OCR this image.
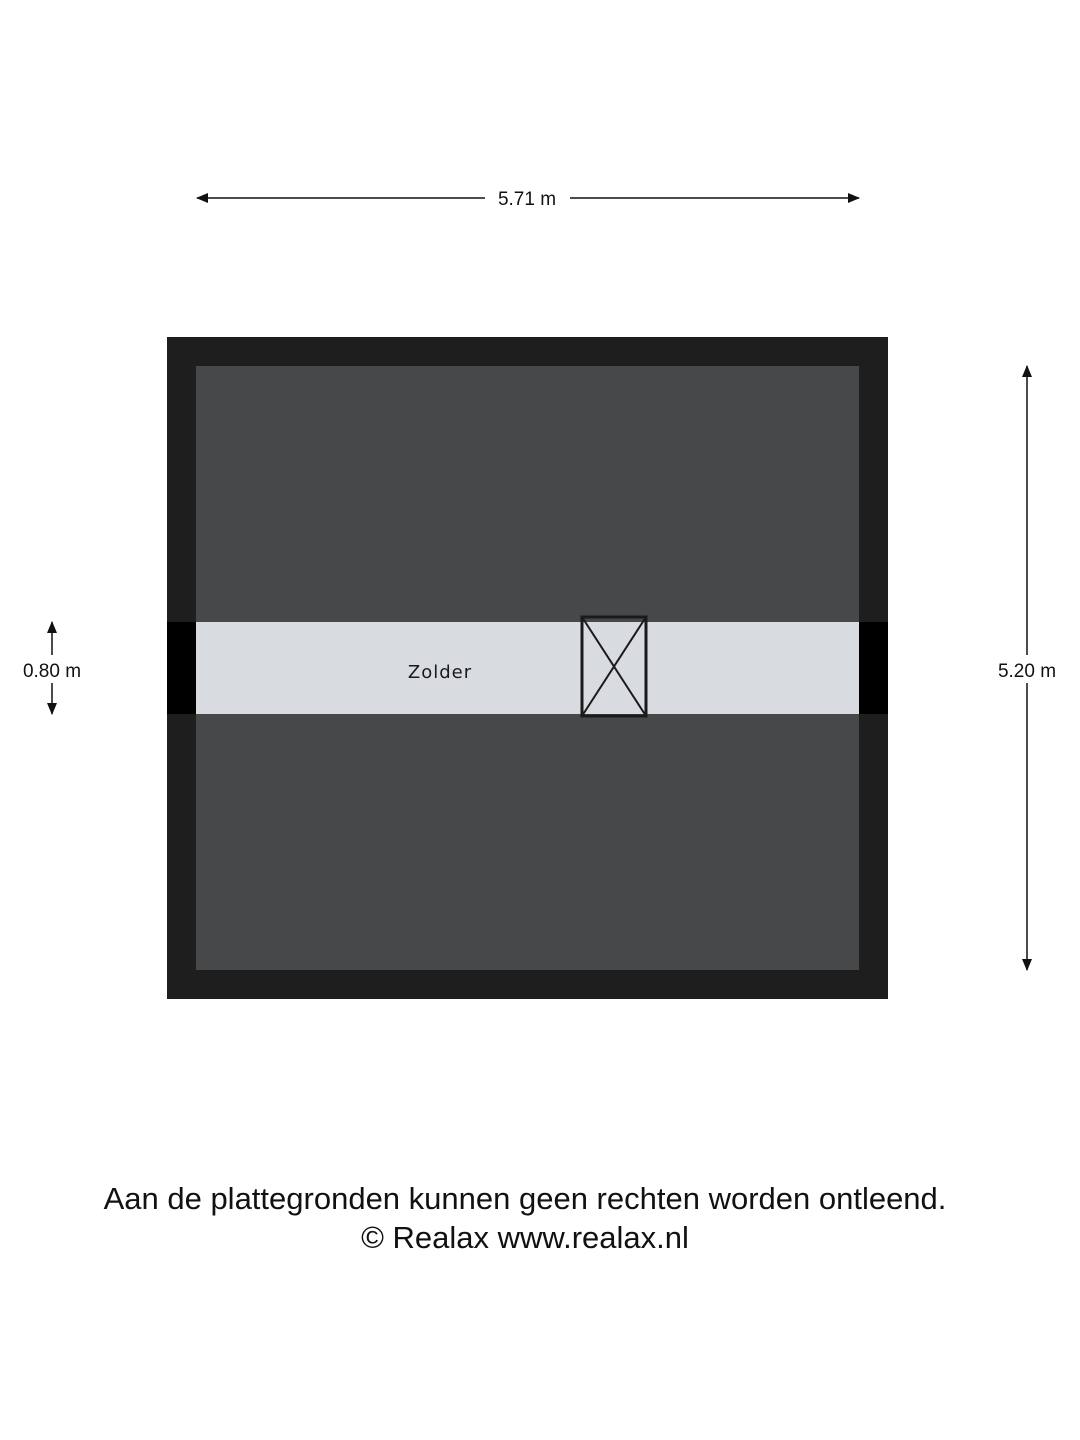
5.71 m
Zolder	5.20 m
0.80 m

Aan de plattegronden kunnen geen rechten worden ontleend.

© Realax www.realax.nl
